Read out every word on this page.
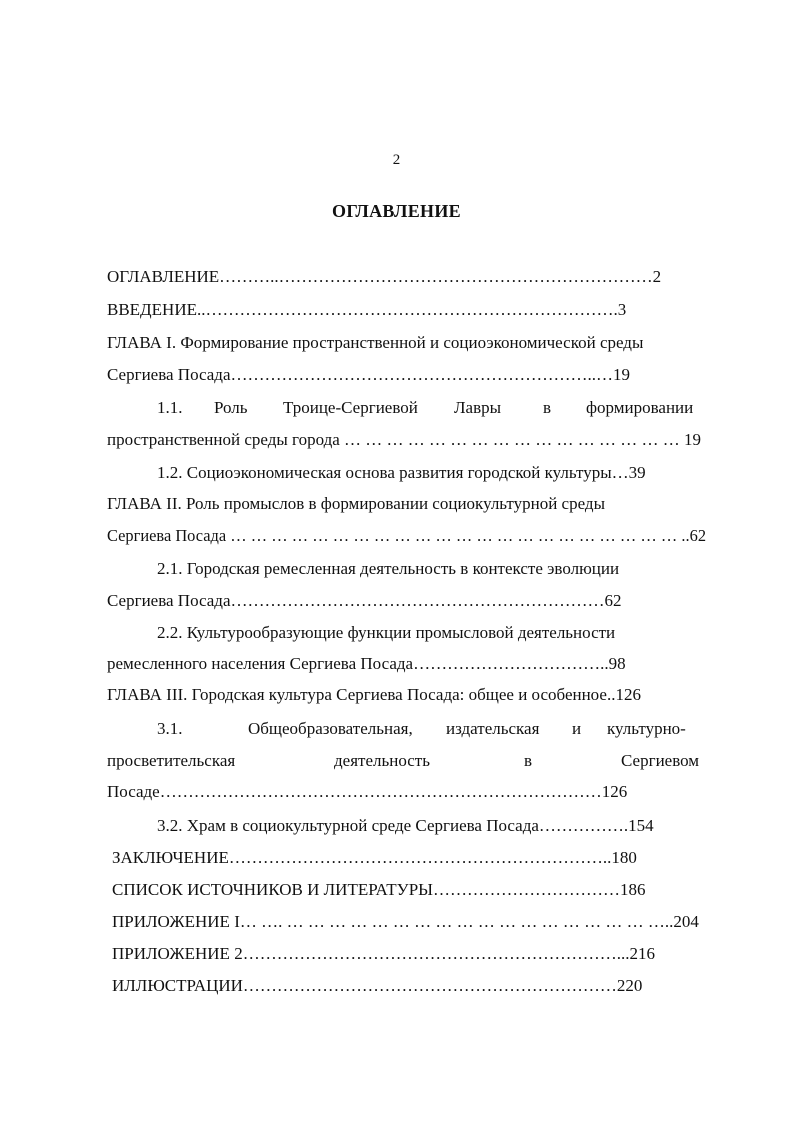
2
ОГЛАВЛЕНИЕ
ОГЛАВЛЕНИЕ………..…………………………………………………………2
ВВЕДЕНИЕ..……………………………………………………………….3
ГЛАВА I. Формирование пространственной и социоэкономической среды
Сергиева Посада………………………………………………………..…19
1.1. Роль Троице-Сергиевой Лавры в формировании
пространственной среды города … … … … … … … … … … … … … … … … 19
1.2. Социоэкономическая основа развития городской культуры…39
ГЛАВА II. Роль промыслов в формировании социокультурной среды
Сергиева Посада … … … … … … … … … … … … … … … … … … … … … … ..62
2.1. Городская ремесленная деятельность в контексте эволюции
Сергиева Посада…………………………………………………………62
2.2. Культурообразующие функции промысловой деятельности
ремесленного населения Сергиева Посада……………………………..98
ГЛАВА III. Городская культура Сергиева Посада: общее и особенное..126
3.1.	Общеобразовательная, издательская и культурно-
просветительская	деятельность	в	Сергиевом
Посаде……………………………………………………………………126
3.2. Храм в социокультурной среде Сергиева Посада…………….154
ЗАКЛЮЧЕНИЕ…………………………………………………………..180
СПИСОК ИСТОЧНИКОВ И ЛИТЕРАТУРЫ……………………………186
ПРИЛОЖЕНИЕ I… …. … … … … … … … … … … … … … … … … … …..204
ПРИЛОЖЕНИЕ 2…………………………………………………………...216
ИЛЛЮСТРАЦИИ…………………………………………………………220
